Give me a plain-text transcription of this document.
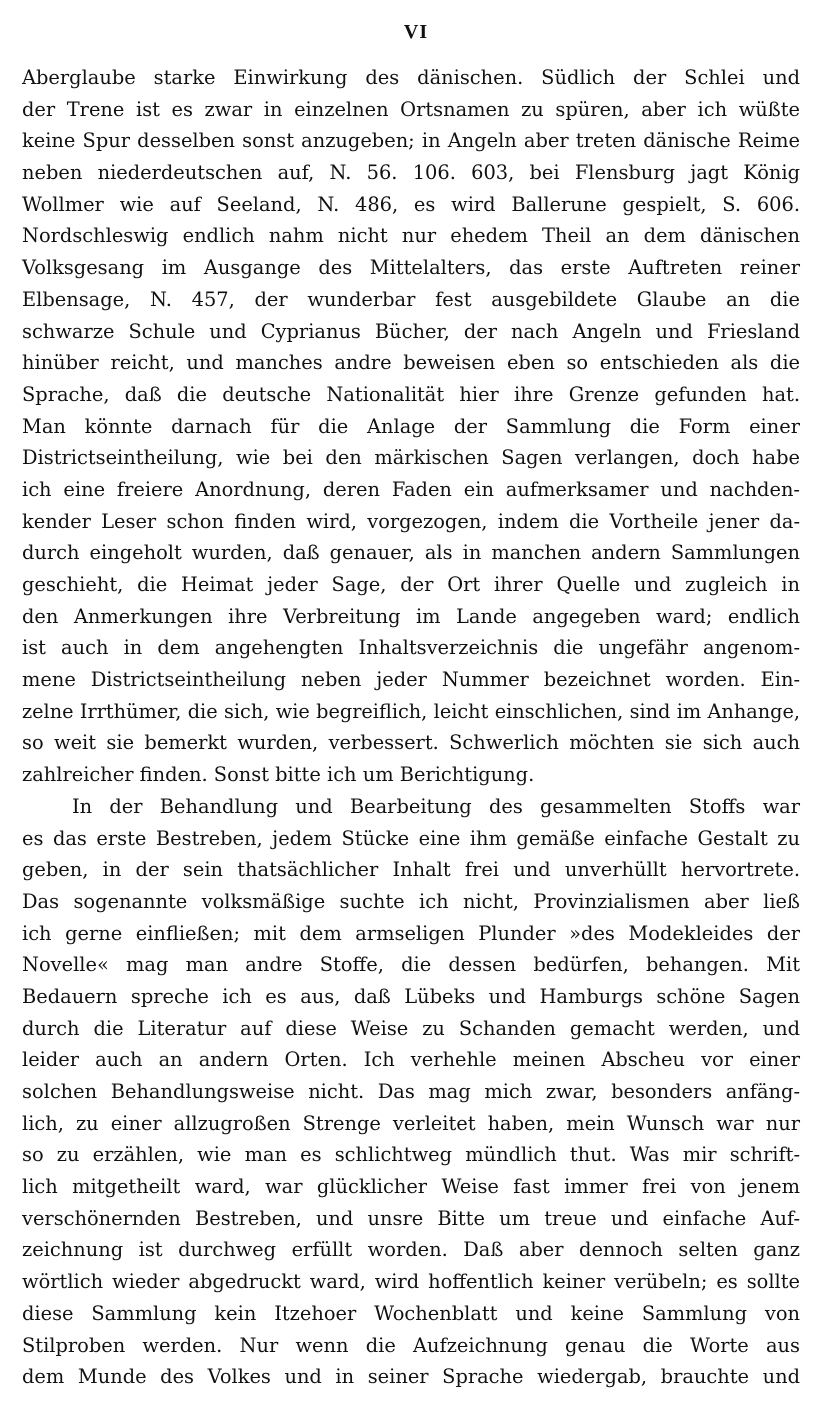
VI
Aberglaube starke Einwirkung des dänischen. Südlich der Schlei und
der Trene ist es zwar in einzelnen Ortsnamen zu spüren, aber ich wüßte
keine Spur desselben sonst anzugeben; in Angeln aber treten dänische Reime
neben niederdeutschen auf, N. 56. 106. 603, bei Flensburg jagt König
Wollmer wie auf Seeland, N. 486, es wird Ballerune gespielt, S. 606.
Nordschleswig endlich nahm nicht nur ehedem Theil an dem dänischen
Volksgesang im Ausgange des Mittelalters, das erste Auftreten reiner
Elbensage, N. 457, der wunderbar fest ausgebildete Glaube an die
schwarze Schule und Cyprianus Bücher, der nach Angeln und Friesland
hinüber reicht, und manches andre beweisen eben so entschieden als die
Sprache, daß die deutsche Nationalität hier ihre Grenze gefunden hat.
Man könnte darnach für die Anlage der Sammlung die Form einer
Districtseintheilung, wie bei den märkischen Sagen verlangen, doch habe
ich eine freiere Anordnung, deren Faden ein aufmerksamer und nachden-
kender Leser schon finden wird, vorgezogen, indem die Vortheile jener da-
durch eingeholt wurden, daß genauer, als in manchen andern Sammlungen
geschieht, die Heimat jeder Sage, der Ort ihrer Quelle und zugleich in
den Anmerkungen ihre Verbreitung im Lande angegeben ward; endlich
ist auch in dem angehengten Inhaltsverzeichnis die ungefähr angenom-
mene Districtseintheilung neben jeder Nummer bezeichnet worden. Ein-
zelne Irrthümer, die sich, wie begreiflich, leicht einschlichen, sind im Anhange,
so weit sie bemerkt wurden, verbessert. Schwerlich möchten sie sich auch
zahlreicher finden. Sonst bitte ich um Berichtigung.
In der Behandlung und Bearbeitung des gesammelten Stoffs war
es das erste Bestreben, jedem Stücke eine ihm gemäße einfache Gestalt zu
geben, in der sein thatsächlicher Inhalt frei und unverhüllt hervortrete.
Das sogenannte volksmäßige suchte ich nicht, Provinzialismen aber ließ
ich gerne einfließen; mit dem armseligen Plunder »des Modekleides der
Novelle« mag man andre Stoffe, die dessen bedürfen, behangen. Mit
Bedauern spreche ich es aus, daß Lübeks und Hamburgs schöne Sagen
durch die Literatur auf diese Weise zu Schanden gemacht werden, und
leider auch an andern Orten. Ich verhehle meinen Abscheu vor einer
solchen Behandlungsweise nicht. Das mag mich zwar, besonders anfäng-
lich, zu einer allzugroßen Strenge verleitet haben, mein Wunsch war nur
so zu erzählen, wie man es schlichtweg mündlich thut. Was mir schrift-
lich mitgetheilt ward, war glücklicher Weise fast immer frei von jenem
verschönernden Bestreben, und unsre Bitte um treue und einfache Auf-
zeichnung ist durchweg erfüllt worden. Daß aber dennoch selten ganz
wörtlich wieder abgedruckt ward, wird hoffentlich keiner verübeln; es sollte
diese Sammlung kein Itzehoer Wochenblatt und keine Sammlung von
Stilproben werden. Nur wenn die Aufzeichnung genau die Worte aus
dem Munde des Volkes und in seiner Sprache wiedergab, brauchte und
